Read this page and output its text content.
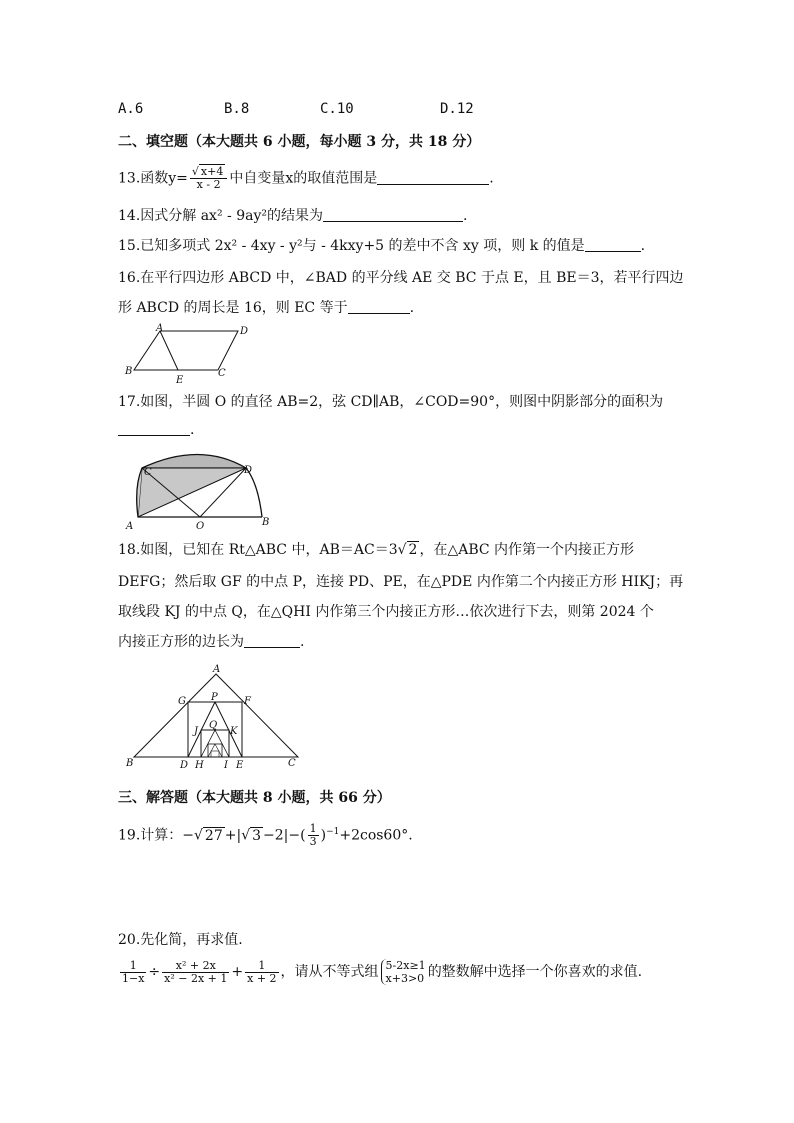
A.6	B.8	C.10	D.12
二、填空题（本大题共 6 小题，每小题 3 分，共 18 分）
13.函数$y= \frac{√ x+4}{x - 2}$ 中自变量x的取值范围是	.
14.因式分解 ax² - 9ay²的结果为	.
15.已知多项式 2x² - 4xy - y²与 - 4kxy+5 的差中不含 xy 项，则 k 的值是	.
16.在平行四边形 ABCD 中，∠BAD 的平分线 AE 交 BC 于点 E，且 BE＝3，若平行四边
形 ABCD 的周长是 16，则 EC 等于	.
A	D
B
E
C
17.如图，半圆 O 的直径 AB=2，弦 CD∥AB，∠COD=90°，则图中阴影部分的面积为
.
C	D
A	O	B
18.如图，已知在 Rt△ABC 中，AB＝AC＝3√ 2 ，在△ABC 内作第一个内接正方形
DEFG；然后取 GF 的中点 P，连接 PD、PE，在△PDE 内作第二个内接正方形 HIKJ；再
取线段 KJ 的中点 Q，在△QHI 内作第三个内接正方形…依次进行下去，则第 2024 个
内接正方形的边长为	.
A
G	P	F
Q
J	K
B	D H I E	C
三、解答题（本大题共 8 小题，共 66 分）
19.计算：−√ 27 +|√ $3 -2|-( \frac{1}{3} )^{-1}+2\cos 60^\circ$.
20.先化简，再求值.
$\frac{1}{1-x} \div \frac{\text{x² + 2x}}{\text{x² − 2x + 1}} + \frac{1}{x + 2}$ ，请从不等式组 5-2x≥1
x+3>0 的整数解中选择一个你喜欢的求值.
